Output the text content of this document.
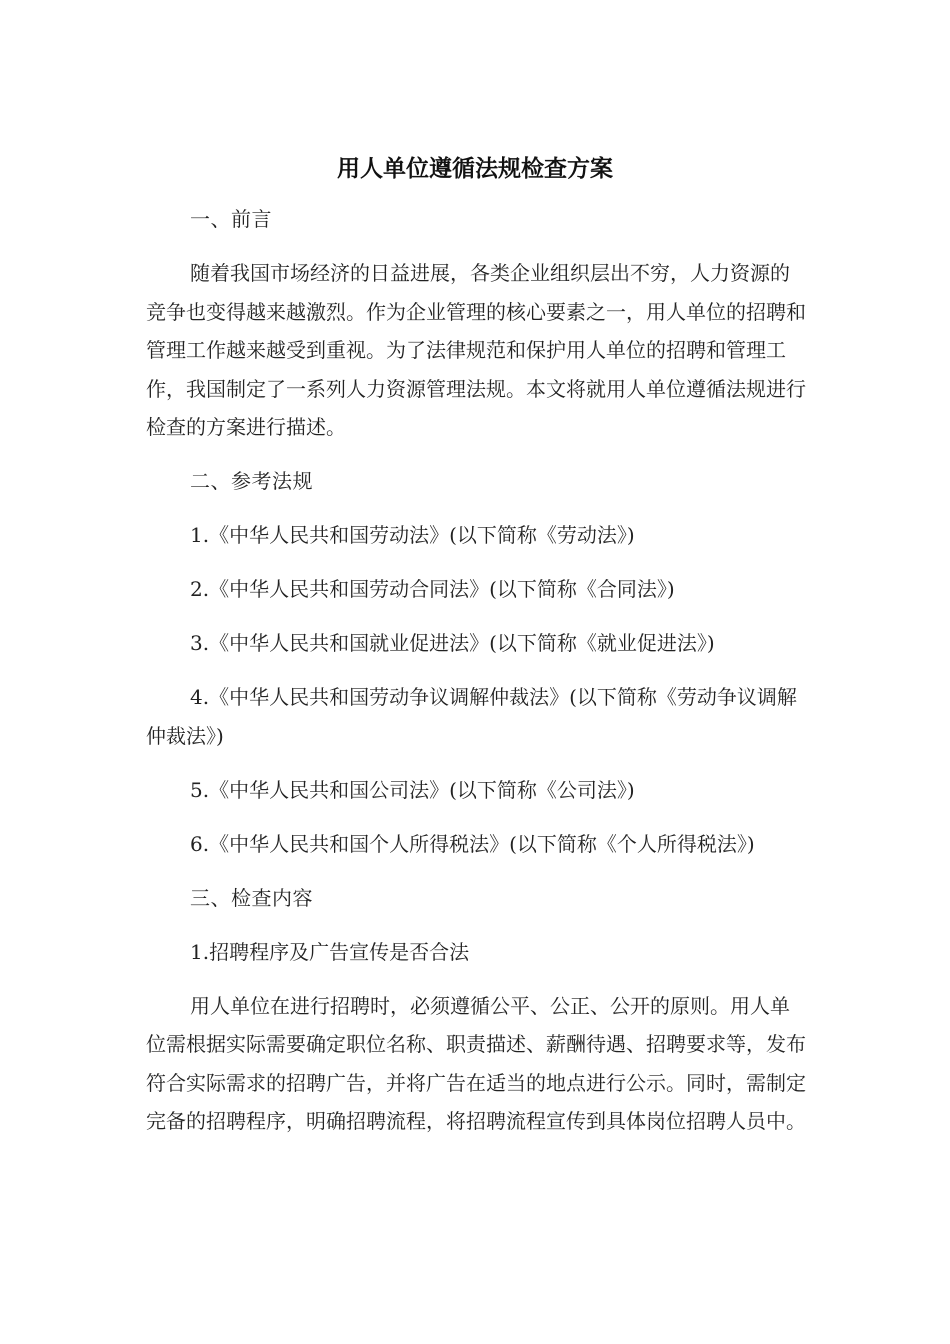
用人单位遵循法规检查方案

一、前言

随着我国市场经济的日益进展，各类企业组织层出不穷，人力资源的竞争也变得越来越激烈。作为企业管理的核心要素之一，用人单位的招聘和管理工作越来越受到重视。为了法律规范和保护用人单位的招聘和管理工作，我国制定了一系列人力资源管理法规。本文将就用人单位遵循法规进行检查的方案进行描述。

二、参考法规

1.《中华人民共和国劳动法》(以下简称《劳动法》)

2.《中华人民共和国劳动合同法》(以下简称《合同法》)

3.《中华人民共和国就业促进法》(以下简称《就业促进法》)

4.《中华人民共和国劳动争议调解仲裁法》(以下简称《劳动争议调解仲裁法》)

5.《中华人民共和国公司法》(以下简称《公司法》)

6.《中华人民共和国个人所得税法》(以下简称《个人所得税法》)

三、检查内容

1.招聘程序及广告宣传是否合法

用人单位在进行招聘时，必须遵循公平、公正、公开的原则。用人单位需根据实际需要确定职位名称、职责描述、薪酬待遇、招聘要求等，发布符合实际需求的招聘广告，并将广告在适当的地点进行公示。同时，需制定完备的招聘程序，明确招聘流程，将招聘流程宣传到具体岗位招聘人员中。
